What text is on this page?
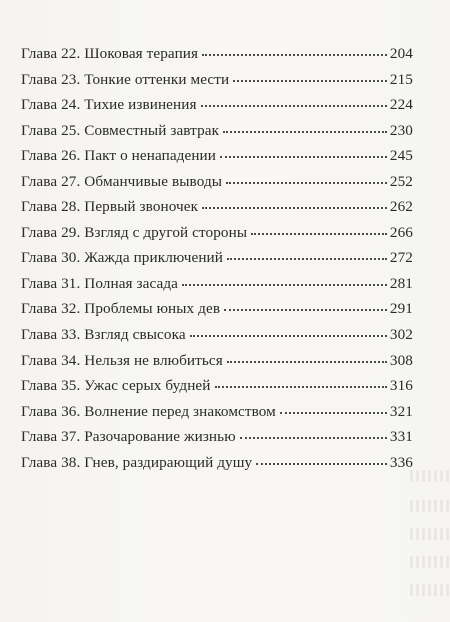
Глава 22. Шоковая терапия	204
Глава 23. Тонкие оттенки мести	215
Глава 24. Тихие извинения	224
Глава 25. Совместный завтрак	230
Глава 26. Пакт о ненападении	245
Глава 27. Обманчивые выводы	252
Глава 28. Первый звоночек	262
Глава 29. Взгляд с другой стороны	266
Глава 30. Жажда приключений	272
Глава 31. Полная засада	281
Глава 32. Проблемы юных дев	291
Глава 33. Взгляд свысока	302
Глава 34. Нельзя не влюбиться	308
Глава 35. Ужас серых будней	316
Глава 36. Волнение перед знакомством	321
Глава 37. Разочарование жизнью	331
Глава 38. Гнев, раздирающий душу	336
